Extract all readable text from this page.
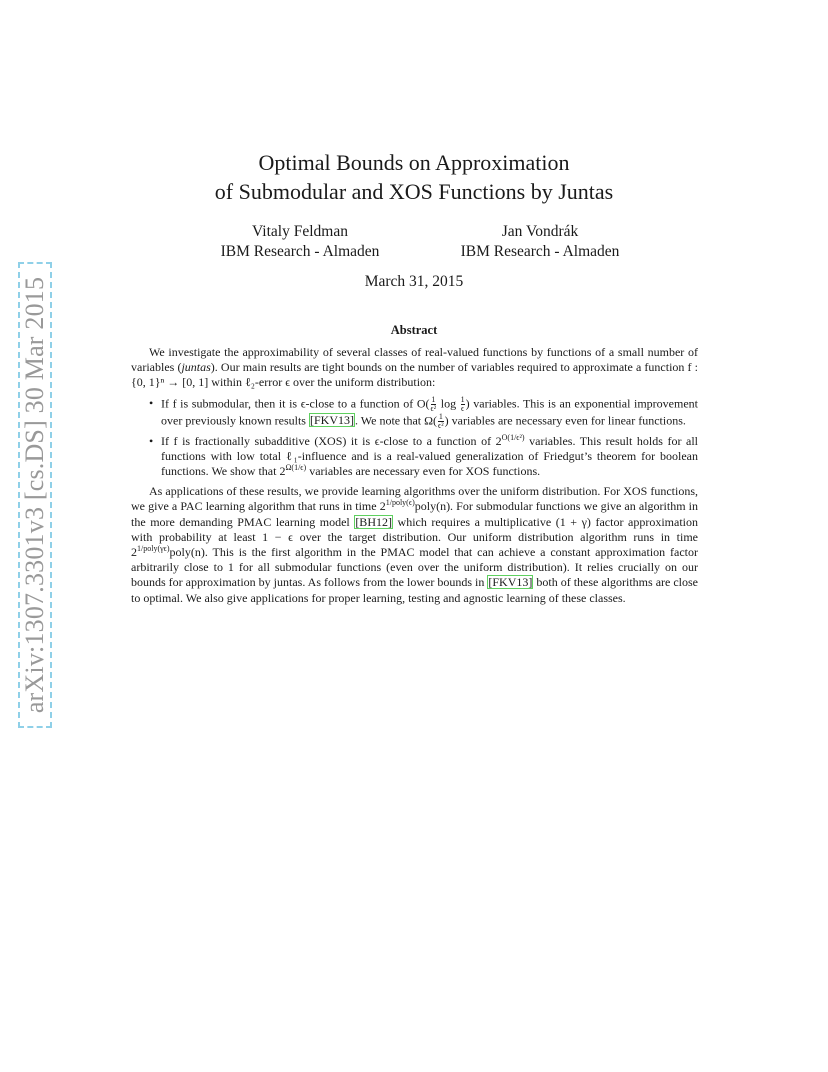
arXiv:1307.3301v3 [cs.DS] 30 Mar 2015
Optimal Bounds on Approximation
of Submodular and XOS Functions by Juntas
Vitaly Feldman
IBM Research - Almaden
Jan Vondrák
IBM Research - Almaden
March 31, 2015
Abstract

We investigate the approximability of several classes of real-valued functions by functions of a small number of variables (juntas). Our main results are tight bounds on the number of variables required to approximate a function f : {0, 1}ⁿ → [0, 1] within ℓ₂-error ϵ over the uniform distribution:

• If f is submodular, then it is ϵ-close to a function of $O( \frac{1}{\text{ϵ²}}$ $\log \frac{1}{\epsilon}$ ) variables. This is an exponential improvement over previously known results [FKV13]. We note that $\Omega( \frac{1}{\text{ϵ²}}$ ) variables are necessary even for linear functions.
• If f is fractionally subadditive (XOS) it is ϵ-close to a function of $2^{O(1/\epsilon^2)}$ variables. This result holds for all functions with low total ℓ₁-influence and is a real-valued generalization of Friedgut’s theorem for boolean functions. We show that $2^{\Omega(1/\epsilon)}$ variables are necessary even for XOS functions.

As applications of these results, we provide learning algorithms over the uniform distribution. For XOS functions, we give a PAC learning algorithm that runs in time $2^{1/poly(\epsilon)}poly(n)$. For submodular functions we give an algorithm in the more demanding PMAC learning model [BH12] which requires a multiplicative (1 + γ) factor approximation with probability at least 1 − ϵ over the target distribution. Our uniform distribution algorithm runs in time $2^{1/poly(\gamma\epsilon)}poly(n)$. This is the first algorithm in the PMAC model that can achieve a constant approximation factor arbitrarily close to 1 for all submodular functions (even over the uniform distribution). It relies crucially on our bounds for approximation by juntas. As follows from the lower bounds in [FKV13] both of these algorithms are close to optimal. We also give applications for proper learning, testing and agnostic learning of these classes.
